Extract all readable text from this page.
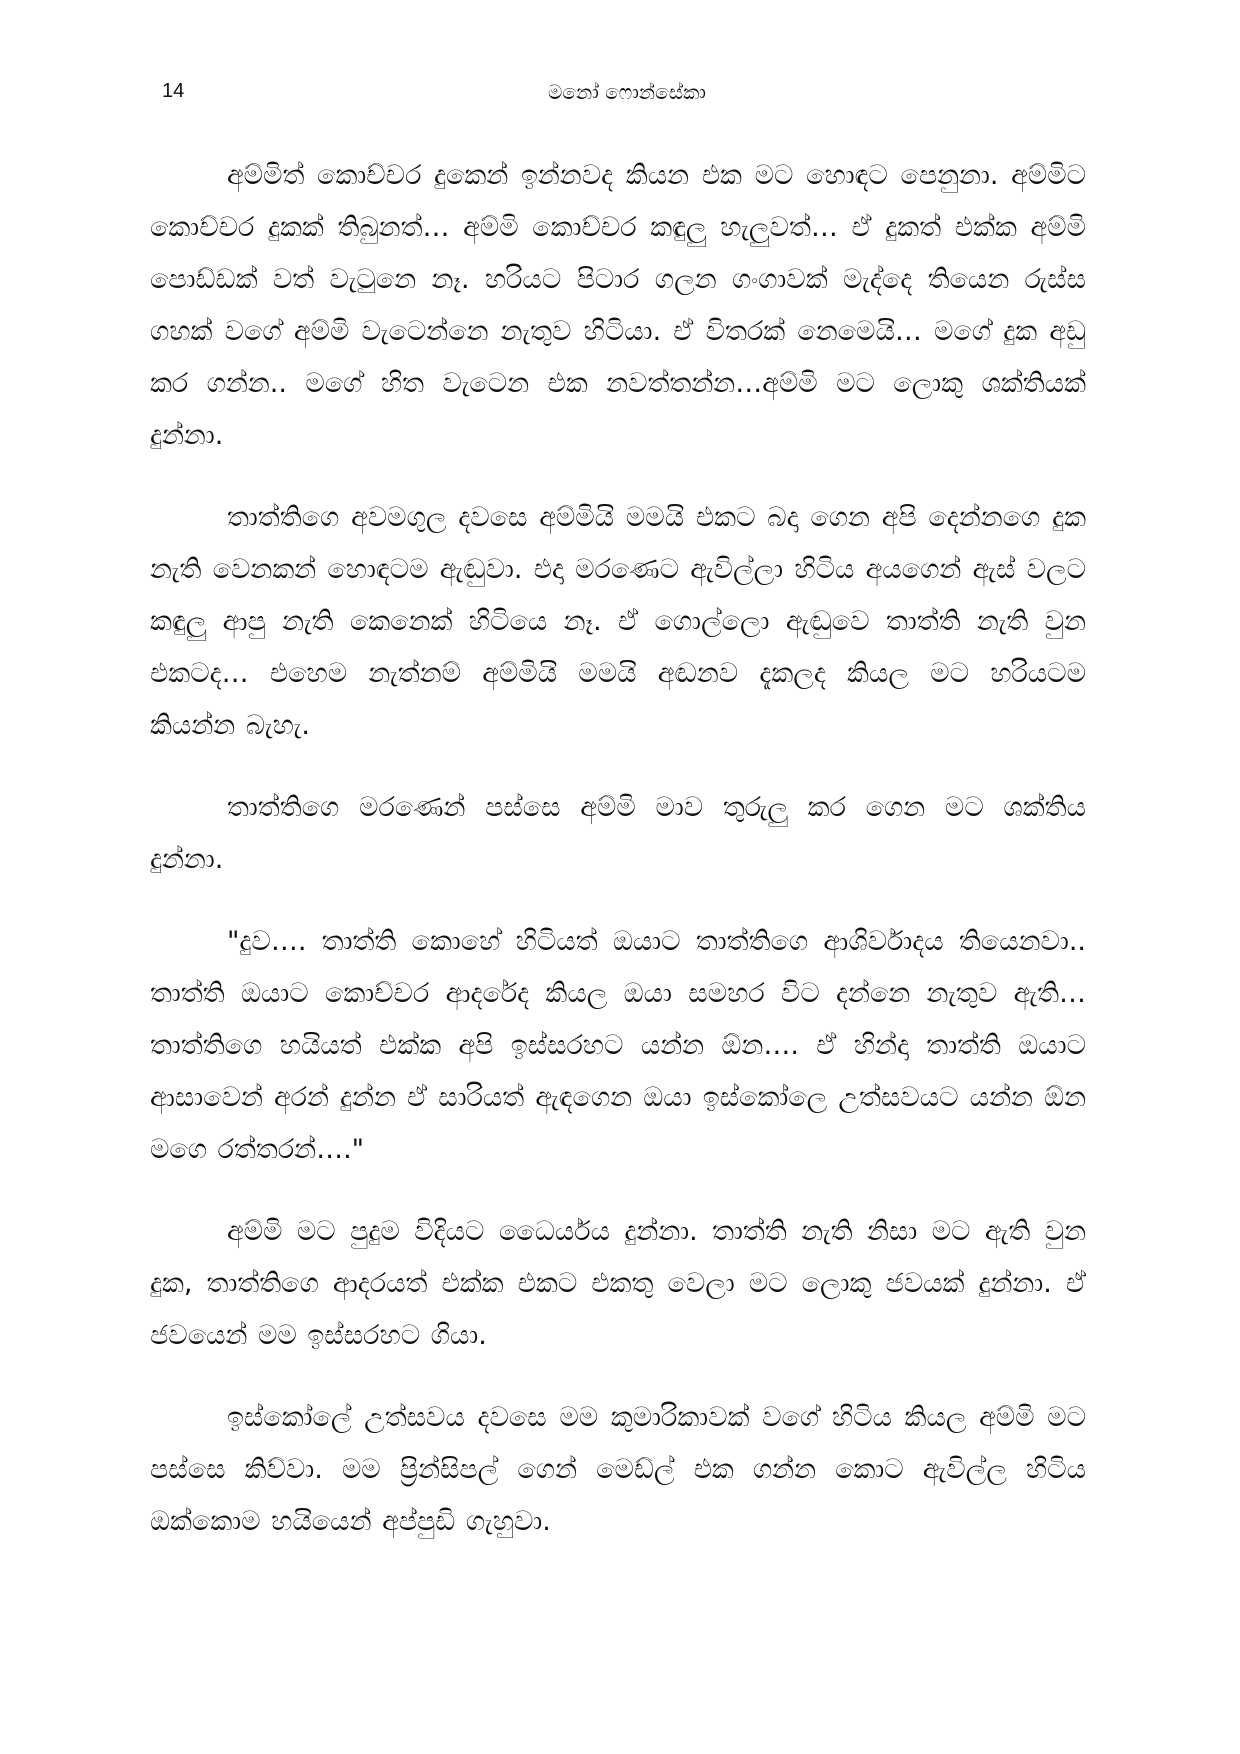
14	මනෝ ෆොන්සේකා

අම්මිත් කොච්චර දුකෙන් ඉන්නවද කියන එක මට හොඳට පෙනුනා. අම්මිට කොච්චර දුකක් තිබුනත්… අම්මි කොච්චර කඳුලු හැලුවත්… ඒ දුකත් එක්ක අම්මි පොඩ්ඩක් වත් වැටුනෙ නෑ. හරියට පිටාර ගලන ගංගාවක් මැද්දෙ තියෙන රුස්ස ගහක් වගේ අම්මි වැටෙන්නෙ නැතුව හිටියා. ඒ විතරක් නෙමෙයි… මගේ දුක අඩු කර ගන්න.. මගේ හිත වැටෙන එක නවත්තන්න…අම්මි මට ලොකු ශක්තියක් දුන්නා.

තාත්තිගෙ අවමගුල දවසෙ අම්මියි මමයි එකට බදා ගෙන අපි දෙන්නගෙ දුක නැති වෙනකන් හොඳටම ඇඬුවා. එදා මරණෙට ඇවිල්ලා හිටිය අයගෙන් ඇස් වලට කඳුලු ආපු නැති කෙනෙක් හිටියෙ නෑ. ඒ ගොල්ලො ඇඬුවෙ තාත්ති නැති වුන එකටද… එහෙම නැත්නම් අම්මියි මමයි අඬනව දැකලද කියල මට හරියටම කියන්න බැහැ.

තාත්තිගෙ මරණෙන් පස්සෙ අම්මි මාව තුරුලු කර ගෙන මට ශක්තිය දුන්නා.

"දුව…. තාත්ති කොහේ හිටියත් ඔයාට තාත්තිගෙ ආශිර්වාදය තියෙනවා.. තාත්ති ඔයාට කොච්චර ආදරේද කියල ඔයා සමහර විට දන්නෙ නැතුව ඇති… තාත්තිගෙ හයියත් එක්ක අපි ඉස්සරහට යන්න ඕන…. ඒ හින්දා තාත්ති ඔයාට ආසාවෙන් අරන් දුන්න ඒ සාරියත් ඇඳගෙන ඔයා ඉස්කෝලෙ උත්සවයට යන්න ඕන මගෙ රත්තරන්…."

අම්මි මට පුදුම විදියට ධෛර්යය දුන්නා. තාත්ති නැති නිසා මට ඇති වුන දුක, තාත්තිගෙ ආදරයත් එක්ක එකට එකතු වෙලා මට ලොකු ජවයක් දුන්නා. ඒ ජවයෙන් මම ඉස්සරහට ගියා.

ඉස්කෝලේ උත්සවය දවසෙ මම කුමාරිකාවක් වගේ හිටිය කියල අම්මි මට පස්සෙ කිව්වා. මම ප්‍රින්සිපල් ගෙන් මෙඩ්ල් එක ගන්න කොට ඇවිල්ල හිටිය ඔක්කොම හයියෙන් අප්පුඩි ගැහුවා.
